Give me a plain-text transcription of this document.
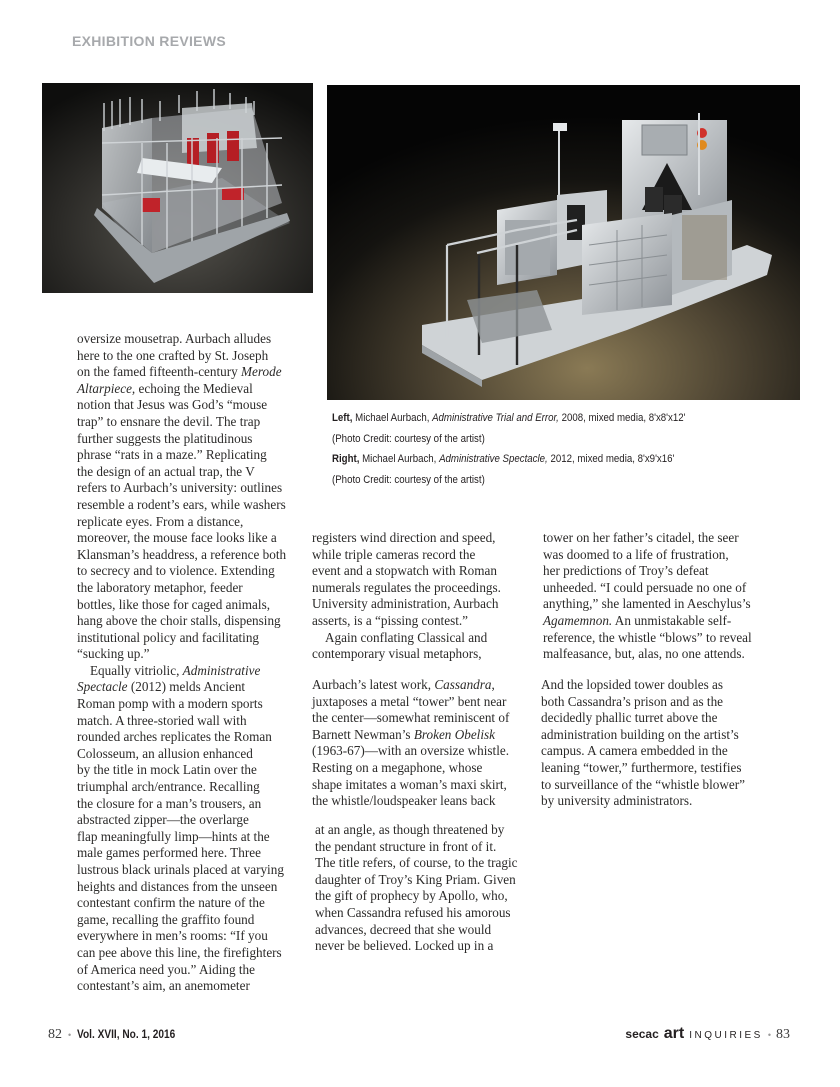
EXHIBITION REVIEWS
Left, Michael Aurbach, Administrative Trial and Error, 2008, mixed media, 8'x8'x12'
(Photo Credit: courtesy of the artist)
Right, Michael Aurbach, Administrative Spectacle, 2012, mixed media, 8'x9'x16'
(Photo Credit: courtesy of the artist)
oversize mousetrap. Aurbach alludes
here to the one crafted by St. Joseph
on the famed fifteenth-century Merode
Altarpiece, echoing the Medieval
notion that Jesus was God’s “mouse
trap” to ensnare the devil. The trap
further suggests the platitudinous
phrase “rats in a maze.” Replicating
the design of an actual trap, the V
refers to Aurbach’s university: outlines
resemble a rodent’s ears, while washers
replicate eyes. From a distance,
moreover, the mouse face looks like a
Klansman’s headdress, a reference both
to secrecy and to violence. Extending
the laboratory metaphor, feeder
bottles, like those for caged animals,
hang above the choir stalls, dispensing
institutional policy and facilitating
“sucking up.”
Equally vitriolic, Administrative
Spectacle (2012) melds Ancient
Roman pomp with a modern sports
match. A three-storied wall with
rounded arches replicates the Roman
Colosseum, an allusion enhanced
by the title in mock Latin over the
triumphal arch/entrance. Recalling
the closure for a man’s trousers, an
abstracted zipper—the overlarge
flap meaningfully limp—hints at the
male games performed here. Three
lustrous black urinals placed at varying
heights and distances from the unseen
contestant confirm the nature of the
game, recalling the graffito found
everywhere in men’s rooms: “If you
can pee above this line, the firefighters
of America need you.” Aiding the
contestant’s aim, an anemometer
registers wind direction and speed,
while triple cameras record the
event and a stopwatch with Roman
numerals regulates the proceedings.
University administration, Aurbach
asserts, is a “pissing contest.”
Again conflating Classical and
contemporary visual metaphors,
Aurbach’s latest work, Cassandra,
juxtaposes a metal “tower” bent near
the center—somewhat reminiscent of
Barnett Newman’s Broken Obelisk
(1963-67)—with an oversize whistle.
Resting on a megaphone, whose
shape imitates a woman’s maxi skirt,
the whistle/loudspeaker leans back
at an angle, as though threatened by
the pendant structure in front of it.
The title refers, of course, to the tragic
daughter of Troy’s King Priam. Given
the gift of prophecy by Apollo, who,
when Cassandra refused his amorous
advances, decreed that she would
never be believed. Locked up in a
tower on her father’s citadel, the seer
was doomed to a life of frustration,
her predictions of Troy’s defeat
unheeded. “I could persuade no one of
anything,” she lamented in Aeschylus’s
Agamemnon. An unmistakable self-
reference, the whistle “blows” to reveal
malfeasance, but, alas, no one attends.
And the lopsided tower doubles as
both Cassandra’s prison and as the
decidedly phallic turret above the
administration building on the artist’s
campus. A camera embedded in the
leaning “tower,” furthermore, testifies
to surveillance of the “whistle blower”
by university administrators.
82 • Vol. XVII, No. 1, 2016	secac art INQUIRIES • 83
